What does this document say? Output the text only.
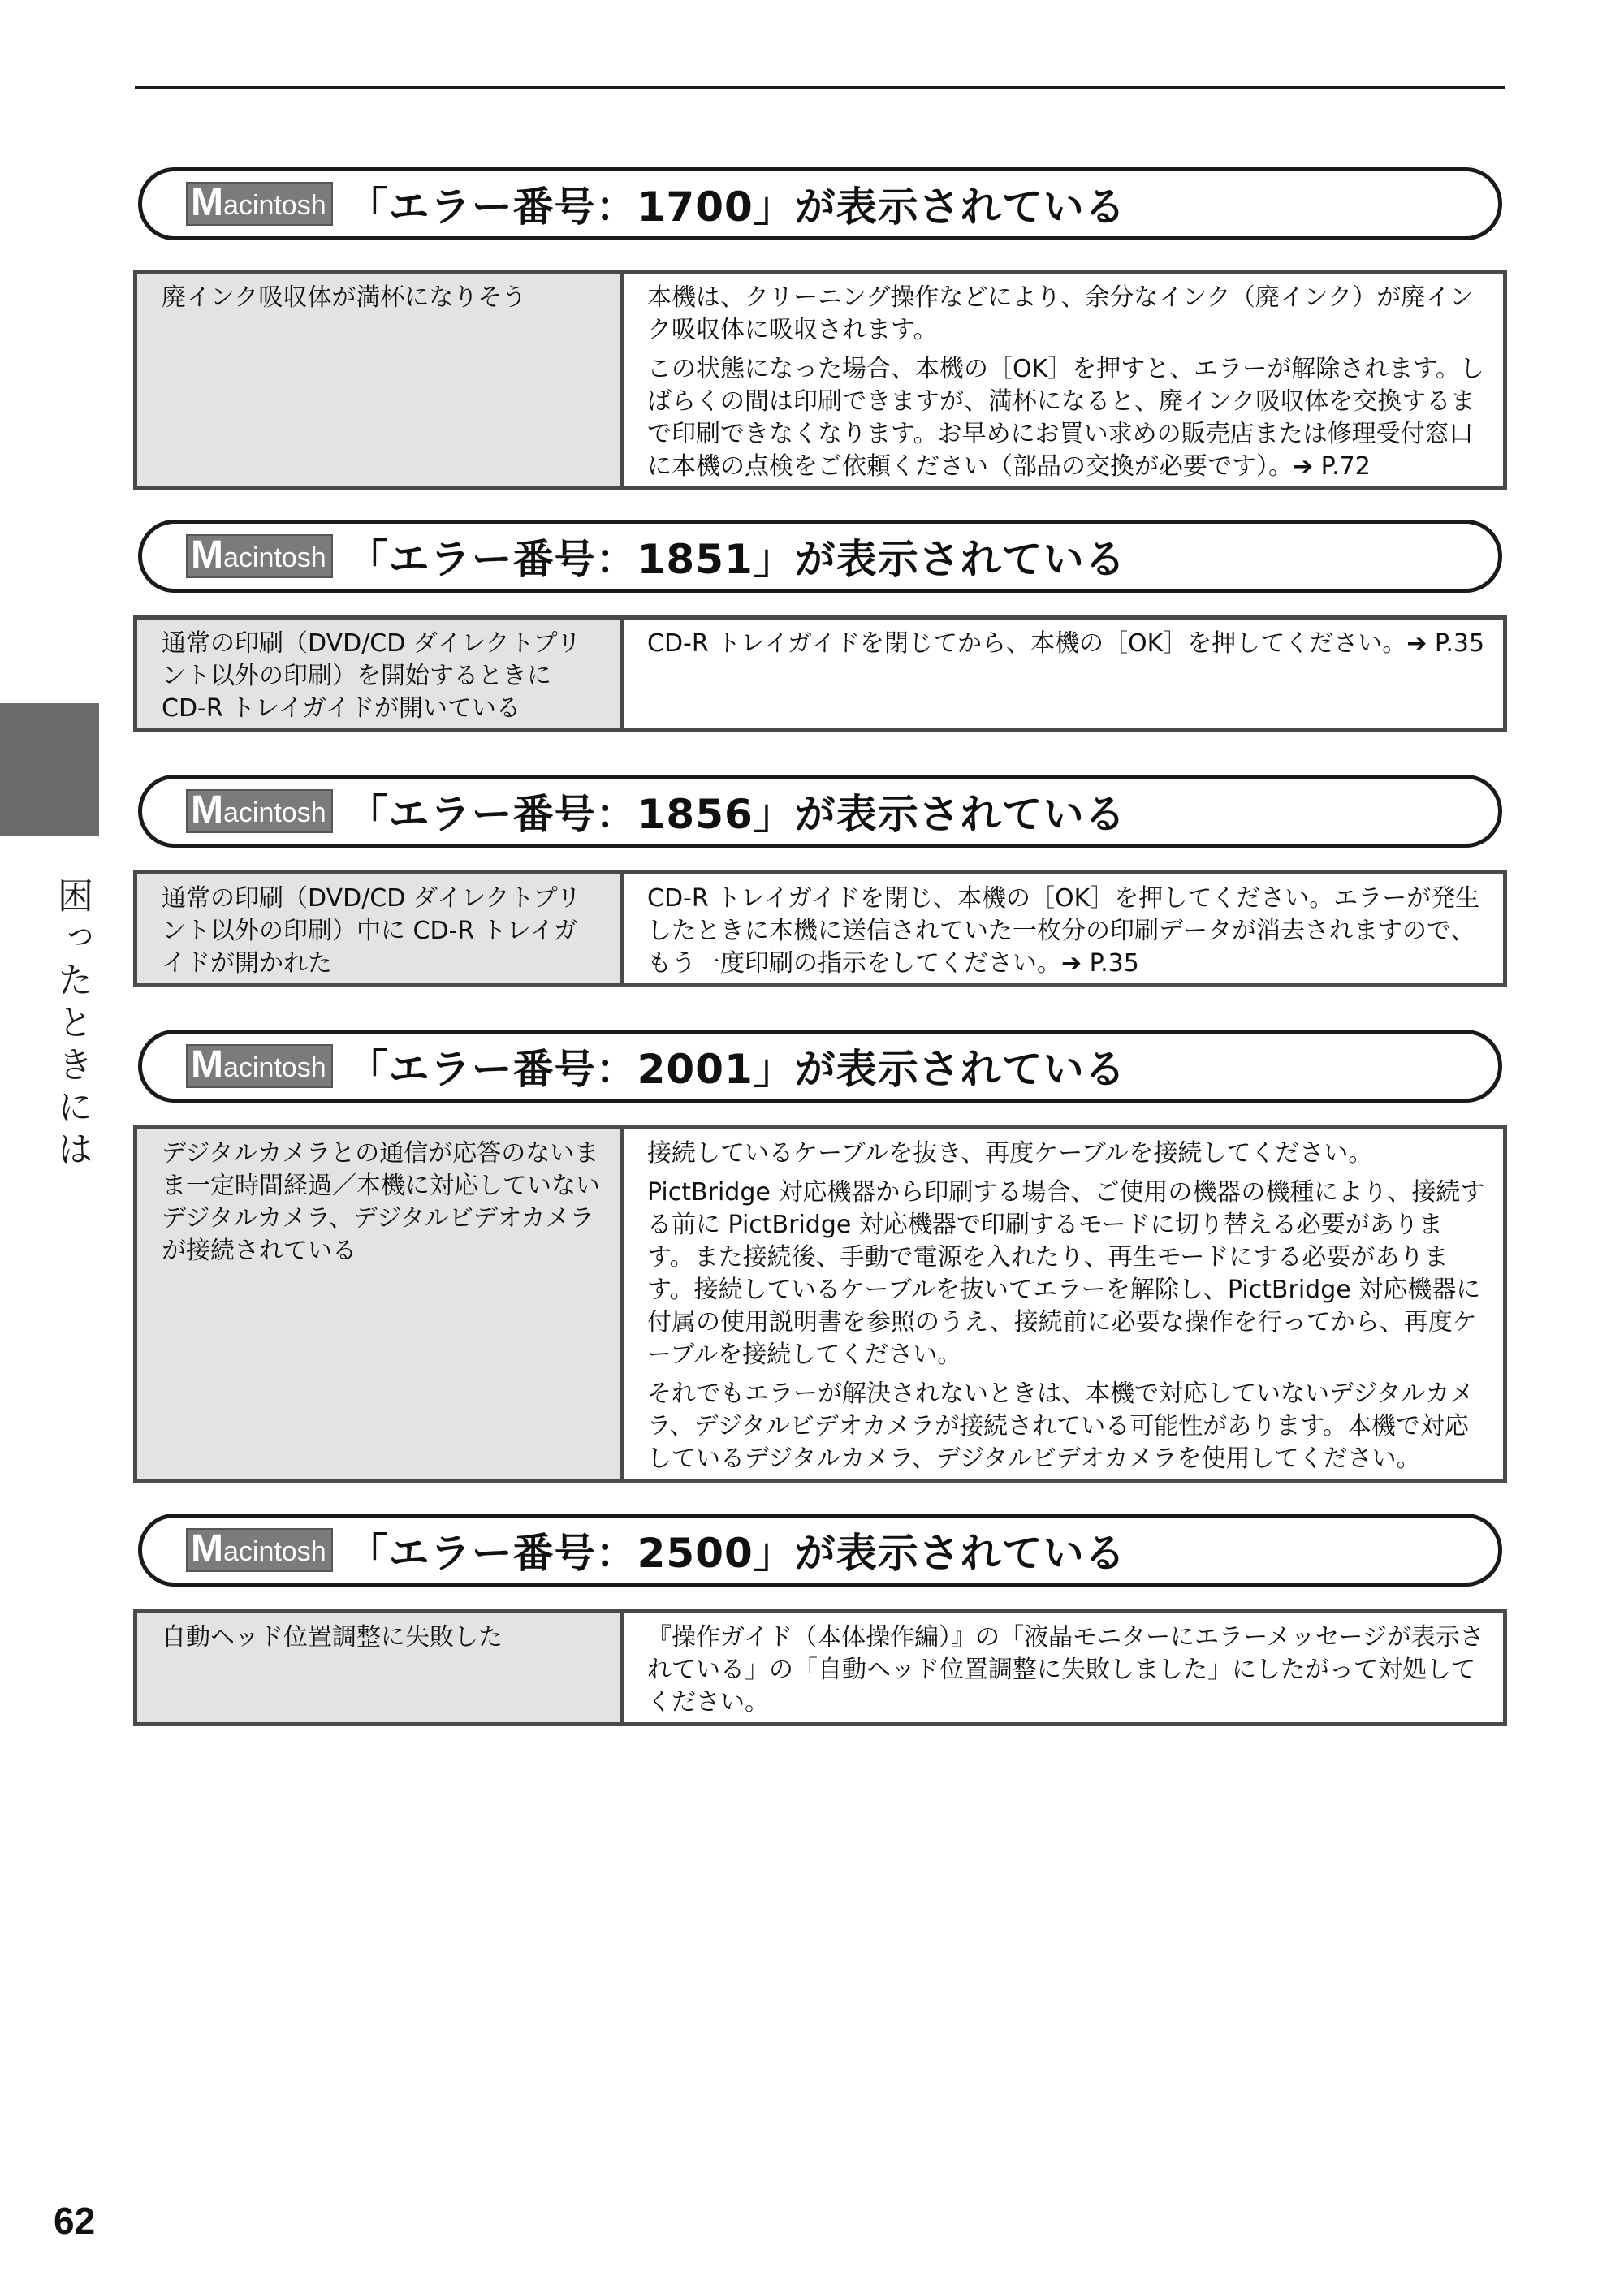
困ったときには
M acintosh 「エラー番号：1700」が表示されている
廃インク吸収体が満杯になりそう	本機は、クリーニング操作などにより、余分なインク（廃インク）が廃インク吸収体に吸収されます。

この状態になった場合、本機の［OK］を押すと、エラーが解除されます。しばらくの間は印刷できますが、満杯になると、廃インク吸収体を交換するまで印刷できなくなります。お早めにお買い求めの販売店または修理受付窓口に本機の点検をご依頼ください（部品の交換が必要です）。➔ P.72

M acintosh 「エラー番号：1851」が表示されている
通常の印刷（DVD/CD ダイレクトプリント以外の印刷）を開始するときに CD-R トレイガイドが開いている

CD-R トレイガイドを閉じてから、本機の［OK］を押してください。➔ P.35

M acintosh 「エラー番号：1856」が表示されている
通常の印刷（DVD/CD ダイレクトプリント以外の印刷）中に CD-R トレイガイドが開かれた

CD-R トレイガイドを閉じ、本機の［OK］を押してください。エラーが発生したときに本機に送信されていた一枚分の印刷データが消去されますので、もう一度印刷の指示をしてください。➔ P.35

M acintosh 「エラー番号：2001」が表示されている
デジタルカメラとの通信が応答のないまま一定時間経過／本機に対応していないデジタルカメラ、デジタルビデオカメラが接続されている

接続しているケーブルを抜き、再度ケーブルを接続してください。

PictBridge 対応機器から印刷する場合、ご使用の機器の機種により、接続する前に PictBridge 対応機器で印刷するモードに切り替える必要があります。また接続後、手動で電源を入れたり、再生モードにする必要があります。接続しているケーブルを抜いてエラーを解除し、PictBridge 対応機器に付属の使用説明書を参照のうえ、接続前に必要な操作を行ってから、再度ケーブルを接続してください。

それでもエラーが解決されないときは、本機で対応していないデジタルカメラ、デジタルビデオカメラが接続されている可能性があります。本機で対応しているデジタルカメラ、デジタルビデオカメラを使用してください。

M acintosh 「エラー番号：2500」が表示されている
自動ヘッド位置調整に失敗した	『操作ガイド（本体操作編）』の「液晶モニターにエラーメッセージが表示されている」の「自動ヘッド位置調整に失敗しました」にしたがって対処してください。

62
